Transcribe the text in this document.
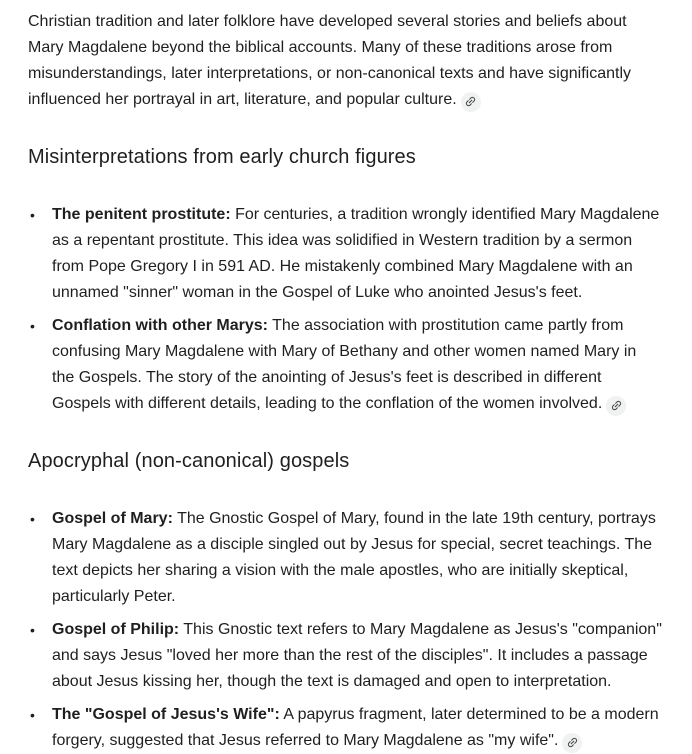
Christian tradition and later folklore have developed several stories and beliefs about Mary Magdalene beyond the biblical accounts. Many of these traditions arose from misunderstandings, later interpretations, or non-canonical texts and have significantly influenced her portrayal in art, literature, and popular culture.

Misinterpretations from early church figures
• The penitent prostitute: For centuries, a tradition wrongly identified Mary Magdalene as a repentant prostitute. This idea was solidified in Western tradition by a sermon from Pope Gregory I in 591 AD. He mistakenly combined Mary Magdalene with an unnamed "sinner" woman in the Gospel of Luke who anointed Jesus's feet.
• Conflation with other Marys: The association with prostitution came partly from confusing Mary Magdalene with Mary of Bethany and other women named Mary in the Gospels. The story of the anointing of Jesus's feet is described in different Gospels with different details, leading to the conflation of the women involved.
Apocryphal (non-canonical) gospels
• Gospel of Mary: The Gnostic Gospel of Mary, found in the late 19th century, portrays Mary Magdalene as a disciple singled out by Jesus for special, secret teachings. The text depicts her sharing a vision with the male apostles, who are initially skeptical, particularly Peter.
• Gospel of Philip: This Gnostic text refers to Mary Magdalene as Jesus's "companion" and says Jesus "loved her more than the rest of the disciples". It includes a passage about Jesus kissing her, though the text is damaged and open to interpretation.
• The "Gospel of Jesus's Wife": A papyrus fragment, later determined to be a modern forgery, suggested that Jesus referred to Mary Magdalene as "my wife".
